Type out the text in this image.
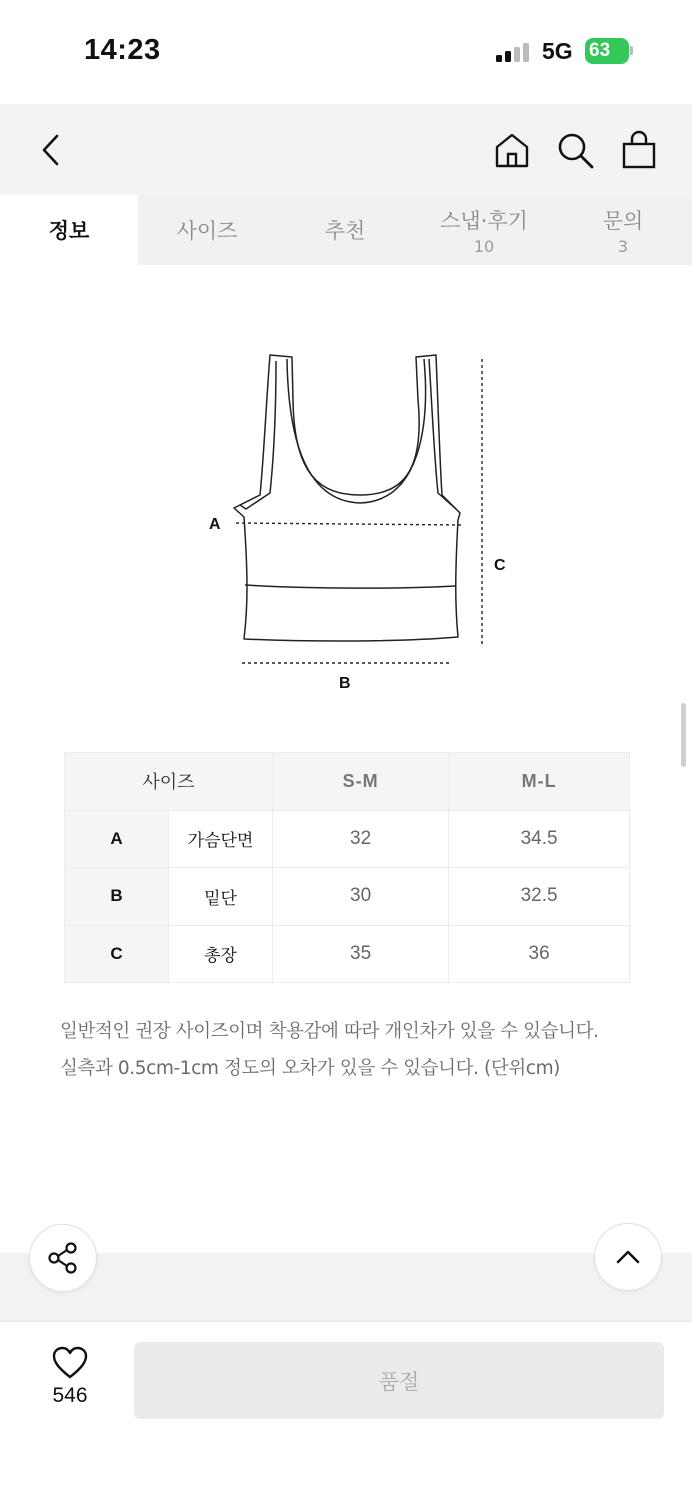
14:23	5G 63
정보	사이즈	추천	스냅·후기
10
문의
3
A
B
C
사이즈		S-M	M-L
A	가슴단면	32	34.5
B	밑단	30	32.5
C	총장	35	36
일반적인 권장 사이즈이며 착용감에 따라 개인차가 있을 수 있습니다.
실측과 0.5cm-1cm 정도의 오차가 있을 수 있습니다. (단위cm)
546
품절
